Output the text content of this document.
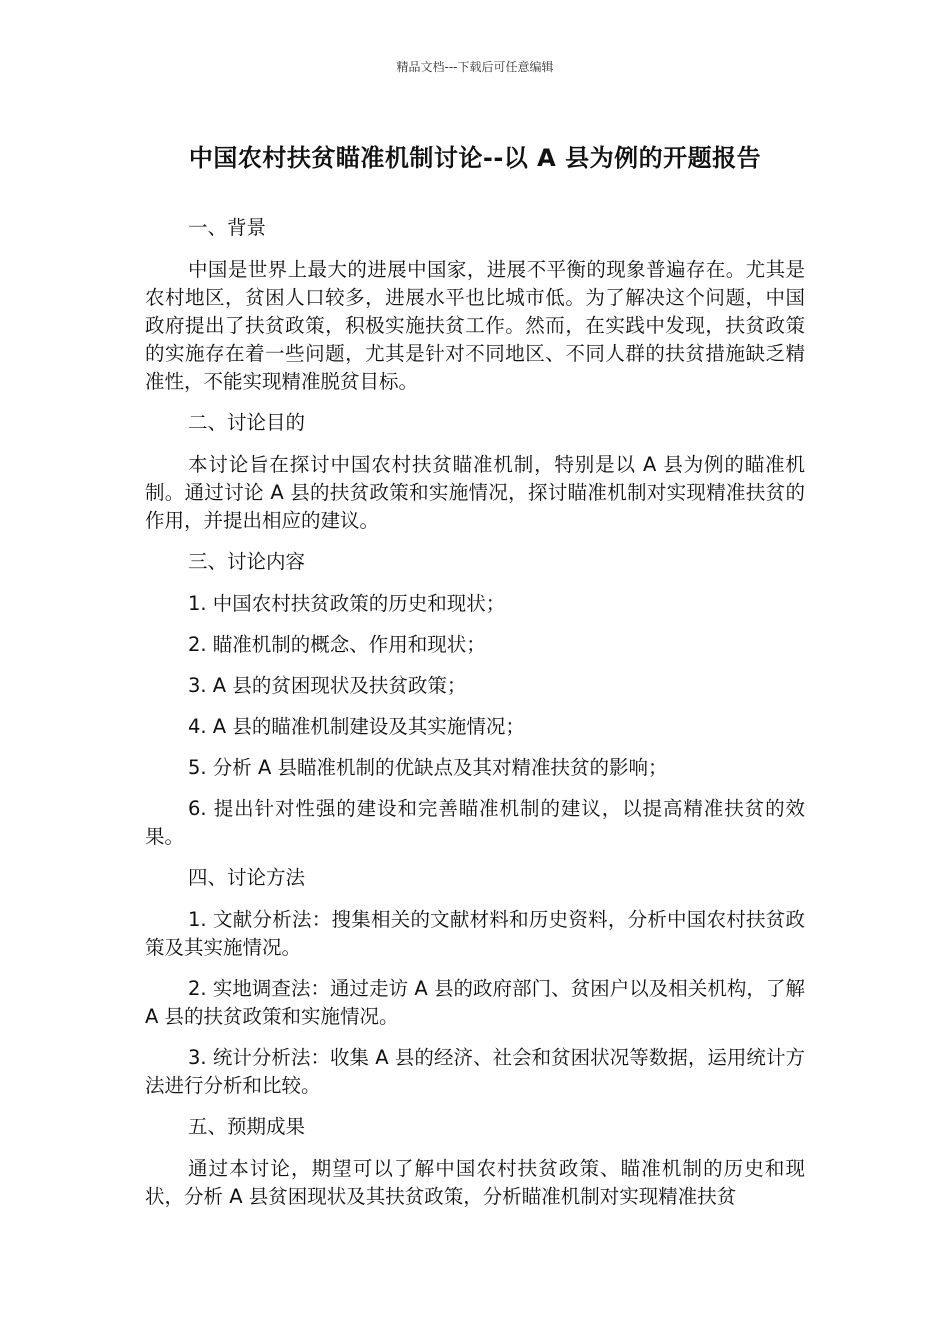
精品文档---下载后可任意编辑
中国农村扶贫瞄准机制讨论--以 A 县为例的开题报告

一、背景

中国是世界上最大的进展中国家，进展不平衡的现象普遍存在。尤其是农村地区，贫困人口较多，进展水平也比城市低。为了解决这个问题，中国政府提出了扶贫政策，积极实施扶贫工作。然而，在实践中发现，扶贫政策的实施存在着一些问题，尤其是针对不同地区、不同人群的扶贫措施缺乏精准性，不能实现精准脱贫目标。

二、讨论目的

本讨论旨在探讨中国农村扶贫瞄准机制，特别是以 A 县为例的瞄准机制。通过讨论 A 县的扶贫政策和实施情况，探讨瞄准机制对实现精准扶贫的作用，并提出相应的建议。

三、讨论内容

1. 中国农村扶贫政策的历史和现状；

2. 瞄准机制的概念、作用和现状；

3. A 县的贫困现状及扶贫政策；

4. A 县的瞄准机制建设及其实施情况；

5. 分析 A 县瞄准机制的优缺点及其对精准扶贫的影响；

6. 提出针对性强的建设和完善瞄准机制的建议，以提高精准扶贫的效果。

四、讨论方法

1. 文献分析法：搜集相关的文献材料和历史资料，分析中国农村扶贫政策及其实施情况。

2. 实地调查法：通过走访 A 县的政府部门、贫困户以及相关机构，了解 A 县的扶贫政策和实施情况。

3. 统计分析法：收集 A 县的经济、社会和贫困状况等数据，运用统计方法进行分析和比较。

五、预期成果

通过本讨论，期望可以了解中国农村扶贫政策、瞄准机制的历史和现状，分析 A 县贫困现状及其扶贫政策，分析瞄准机制对实现精准扶贫
